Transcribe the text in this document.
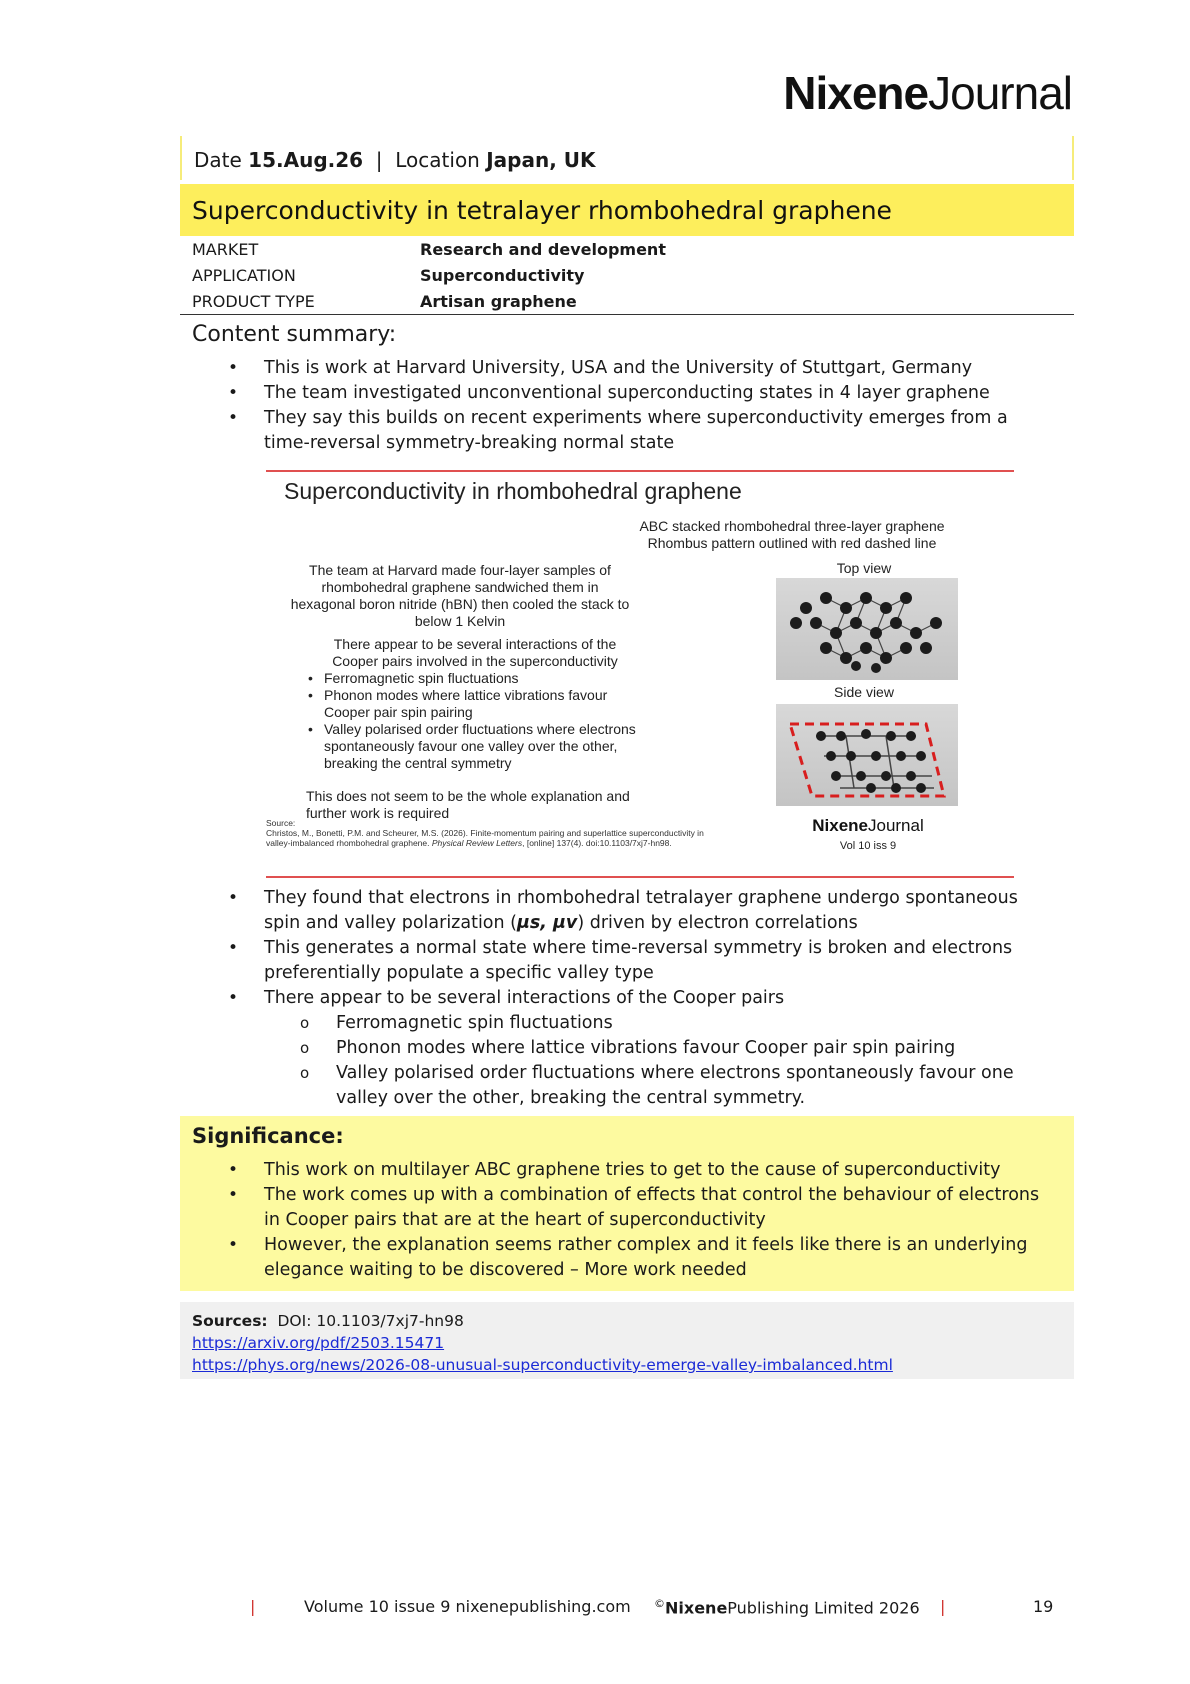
NixeneJournal
Date 15.Aug.26 | Location Japan, UK
Superconductivity in tetralayer rhombohedral graphene
MARKET	Research and development
APPLICATION	Superconductivity
PRODUCT TYPE	Artisan graphene
Content summary:
• This is work at Harvard University, USA and the University of Stuttgart, Germany
• The team investigated unconventional superconducting states in 4 layer graphene
• They say this builds on recent experiments where superconductivity emerges from a time-reversal symmetry-breaking normal state
Superconductivity in rhombohedral graphene
ABC stacked rhombohedral three-layer graphene
Rhombus pattern outlined with red dashed line
Top view
The team at Harvard made four-layer samples of rhombohedral graphene sandwiched them in hexagonal boron nitride (hBN) then cooled the stack to below 1 Kelvin
There appear to be several interactions of the Cooper pairs involved in the superconductivity
• Ferromagnetic spin fluctuations
• Phonon modes where lattice vibrations favour Cooper pair spin pairing
• Valley polarised order fluctuations where electrons spontaneously favour one valley over the other, breaking the central symmetry
This does not seem to be the whole explanation and further work is required
Side view
Source:
Christos, M., Bonetti, P.M. and Scheurer, M.S. (2026). Finite-momentum pairing and superlattice superconductivity in valley-imbalanced rhombohedral graphene. Physical Review Letters, [online] 137(4). doi:10.1103/7xj7-hn98.
NixeneJournal
Vol 10 iss 9
• They found that electrons in rhombohedral tetralayer graphene undergo spontaneous spin and valley polarization (μs, μv) driven by electron correlations
• This generates a normal state where time-reversal symmetry is broken and electrons preferentially populate a specific valley type
• There appear to be several interactions of the Cooper pairs
o Ferromagnetic spin fluctuations
o Phonon modes where lattice vibrations favour Cooper pair spin pairing
o Valley polarised order fluctuations where electrons spontaneously favour one valley over the other, breaking the central symmetry.
Significance:
• This work on multilayer ABC graphene tries to get to the cause of superconductivity
• The work comes up with a combination of effects that control the behaviour of electrons in Cooper pairs that are at the heart of superconductivity
• However, the explanation seems rather complex and it feels like there is an underlying elegance waiting to be discovered – More work needed
Sources: DOI: 10.1103/7xj7-hn98
https://arxiv.org/pdf/2503.15471
https://phys.org/news/2026-08-unusual-superconductivity-emerge-valley-imbalanced.html
|	Volume 10 issue 9 nixenepublishing.com ©NixenePublishing Limited 2026 |	19
